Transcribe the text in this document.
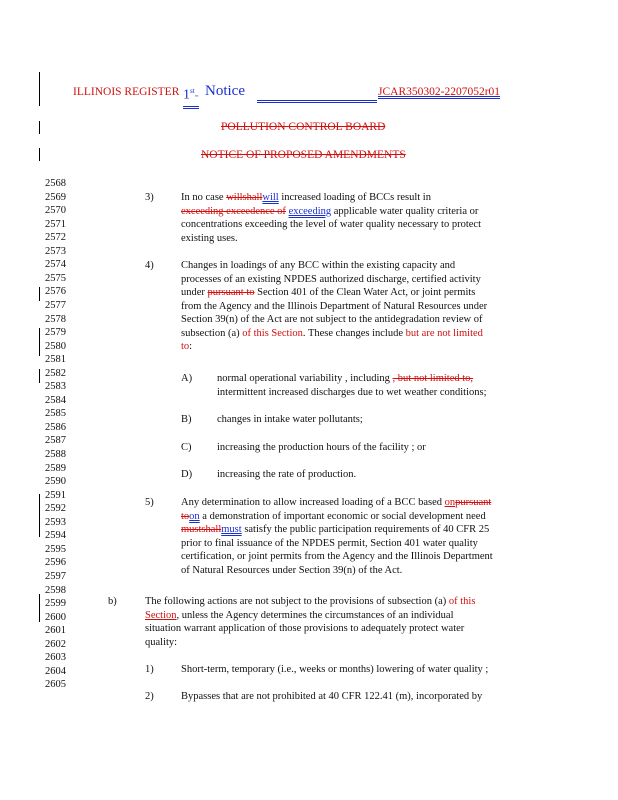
ILLINOIS REGISTER 1st= Notice	JCAR350302-2207052r01
POLLUTION CONTROL BOARD
NOTICE OF PROPOSED AMENDMENTS
2568
2569
2570
2571
2572
2573
2574
2575
2576
2577
2578
2579
2580
2581
2582
2583
2584
2585
2586
2587
2588
2589
2590
2591
2592
2593
2594
2595
2596
2597
2598
2599
2600
2601
2602
2603
2604
2605
3)	In no case willshallwill increased loading of BCCs result in
exceeding exceedence of exceeding applicable water quality criteria or
concentrations exceeding the level of water quality necessary to protect
existing uses.
4)	Changes in loadings of any BCC within the existing capacity and
processes of an existing NPDES authorized discharge, certified activity
under pursuant to Section 401 of the Clean Water Act, or joint permits
from the Agency and the Illinois Department of Natural Resources under
Section 39(n) of the Act are not subject to the antidegradation review of
subsection (a) of this Section. These changes include but are not limited
to:
A) normal operational variability , including , but not limited to,
intermittent increased discharges due to wet weather conditions;
B) changes in intake water pollutants;
C) increasing the production hours of the facility ; or
D) increasing the rate of production.
5)	Any determination to allow increased loading of a BCC based onpursuant
toon a demonstration of important economic or social development need
mustshallmust satisfy the public participation requirements of 40 CFR 25
prior to final issuance of the NPDES permit, Section 401 water quality
certification, or joint permits from the Agency and the Illinois Department
of Natural Resources under Section 39(n) of the Act.
b)	The following actions are not subject to the provisions of subsection (a) of this
Section, unless the Agency determines the circumstances of an individual
situation warrant application of those provisions to adequately protect water
quality:
1)	Short-term, temporary (i.e., weeks or months) lowering of water quality ;
2)	Bypasses that are not prohibited at 40 CFR 122.41 (m), incorporated by
